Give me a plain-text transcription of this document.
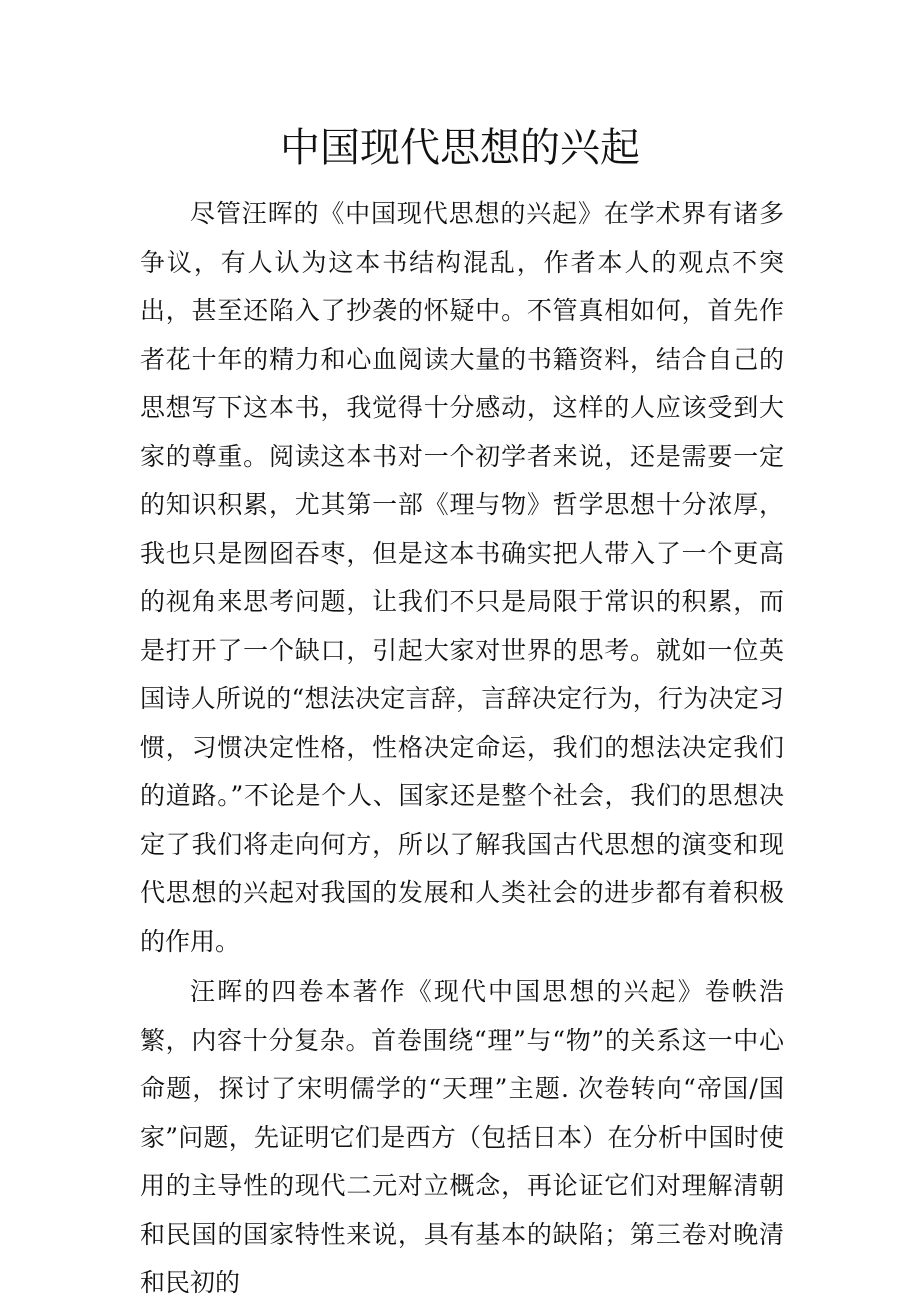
中国现代思想的兴起

尽管汪晖的《中国现代思想的兴起》在学术界有诸多争议，有人认为这本书结构混乱，作者本人的观点不突出，甚至还陷入了抄袭的怀疑中。不管真相如何，首先作者花十年的精力和心血阅读大量的书籍资料，结合自己的思想写下这本书，我觉得十分感动，这样的人应该受到大家的尊重。阅读这本书对一个初学者来说，还是需要一定的知识积累，尤其第一部《理与物》哲学思想十分浓厚，我也只是囫囵吞枣，但是这本书确实把人带入了一个更高的视角来思考问题，让我们不只是局限于常识的积累，而是打开了一个缺口，引起大家对世界的思考。就如一位英国诗人所说的“想法决定言辞，言辞决定行为，行为决定习惯，习惯决定性格，性格决定命运，我们的想法决定我们的道路。”不论是个人、国家还是整个社会，我们的思想决定了我们将走向何方，所以了解我国古代思想的演变和现代思想的兴起对我国的发展和人类社会的进步都有着积极的作用。

汪晖的四卷本著作《现代中国思想的兴起》卷帙浩繁，内容十分复杂。首卷围绕“理”与“物”的关系这一中心命题，探讨了宋明儒学的“天理”主题. 次卷转向“帝国/国家”问题，先证明它们是西方（包括日本）在分析中国时使用的主导性的现代二元对立概念，再论证它们对理解清朝和民国的国家特性来说，具有基本的缺陷；第三卷对晚清和民初的
